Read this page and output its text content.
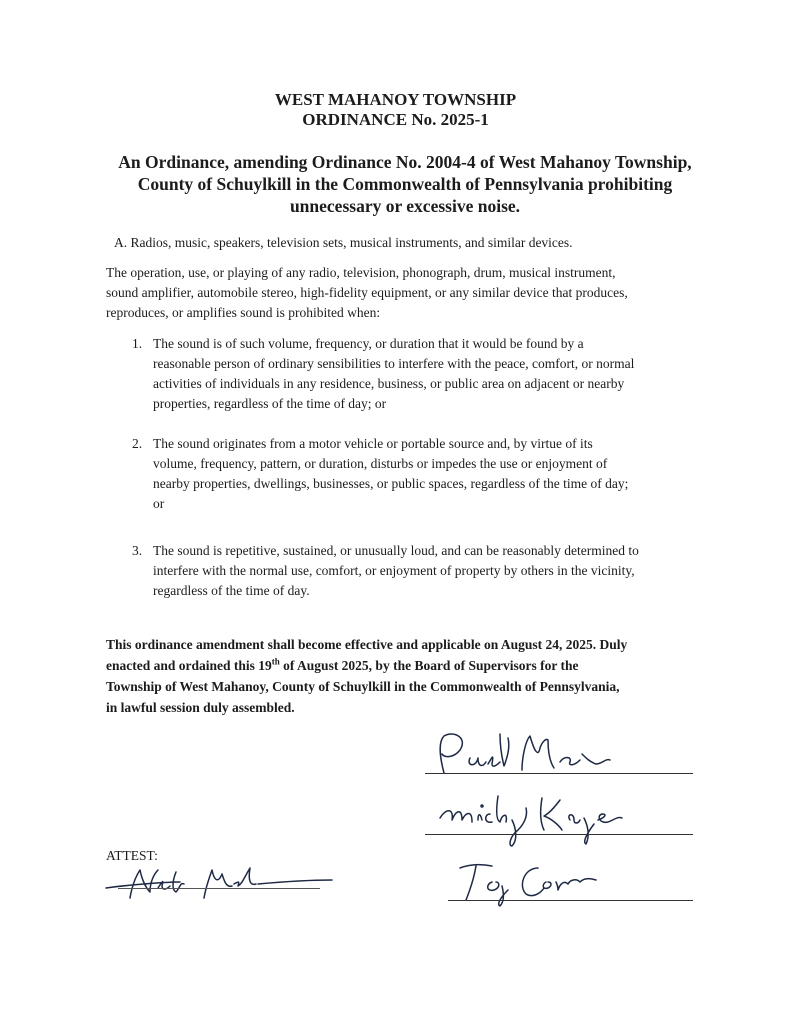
WEST MAHANOY TOWNSHIP
ORDINANCE No. 2025-1
An Ordinance, amending Ordinance No. 2004-4 of West Mahanoy Township,
County of Schuylkill in the Commonwealth of Pennsylvania prohibiting
unnecessary or excessive noise.
A. Radios, music, speakers, television sets, musical instruments, and similar devices.
The operation, use, or playing of any radio, television, phonograph, drum, musical instrument,
sound amplifier, automobile stereo, high-fidelity equipment, or any similar device that produces,
reproduces, or amplifies sound is prohibited when:
1. The sound is of such volume, frequency, or duration that it would be found by a
reasonable person of ordinary sensibilities to interfere with the peace, comfort, or normal
activities of individuals in any residence, business, or public area on adjacent or nearby
properties, regardless of the time of day; or
2. The sound originates from a motor vehicle or portable source and, by virtue of its
volume, frequency, pattern, or duration, disturbs or impedes the use or enjoyment of
nearby properties, dwellings, businesses, or public spaces, regardless of the time of day;
or
3. The sound is repetitive, sustained, or unusually loud, and can be reasonably determined to
interfere with the normal use, comfort, or enjoyment of property by others in the vicinity,
regardless of the time of day.
This ordinance amendment shall become effective and applicable on August 24, 2025. Duly
enacted and ordained this 19th of August 2025, by the Board of Supervisors for the
Township of West Mahanoy, County of Schuylkill in the Commonwealth of Pennsylvania,
in lawful session duly assembled.
ATTEST:
